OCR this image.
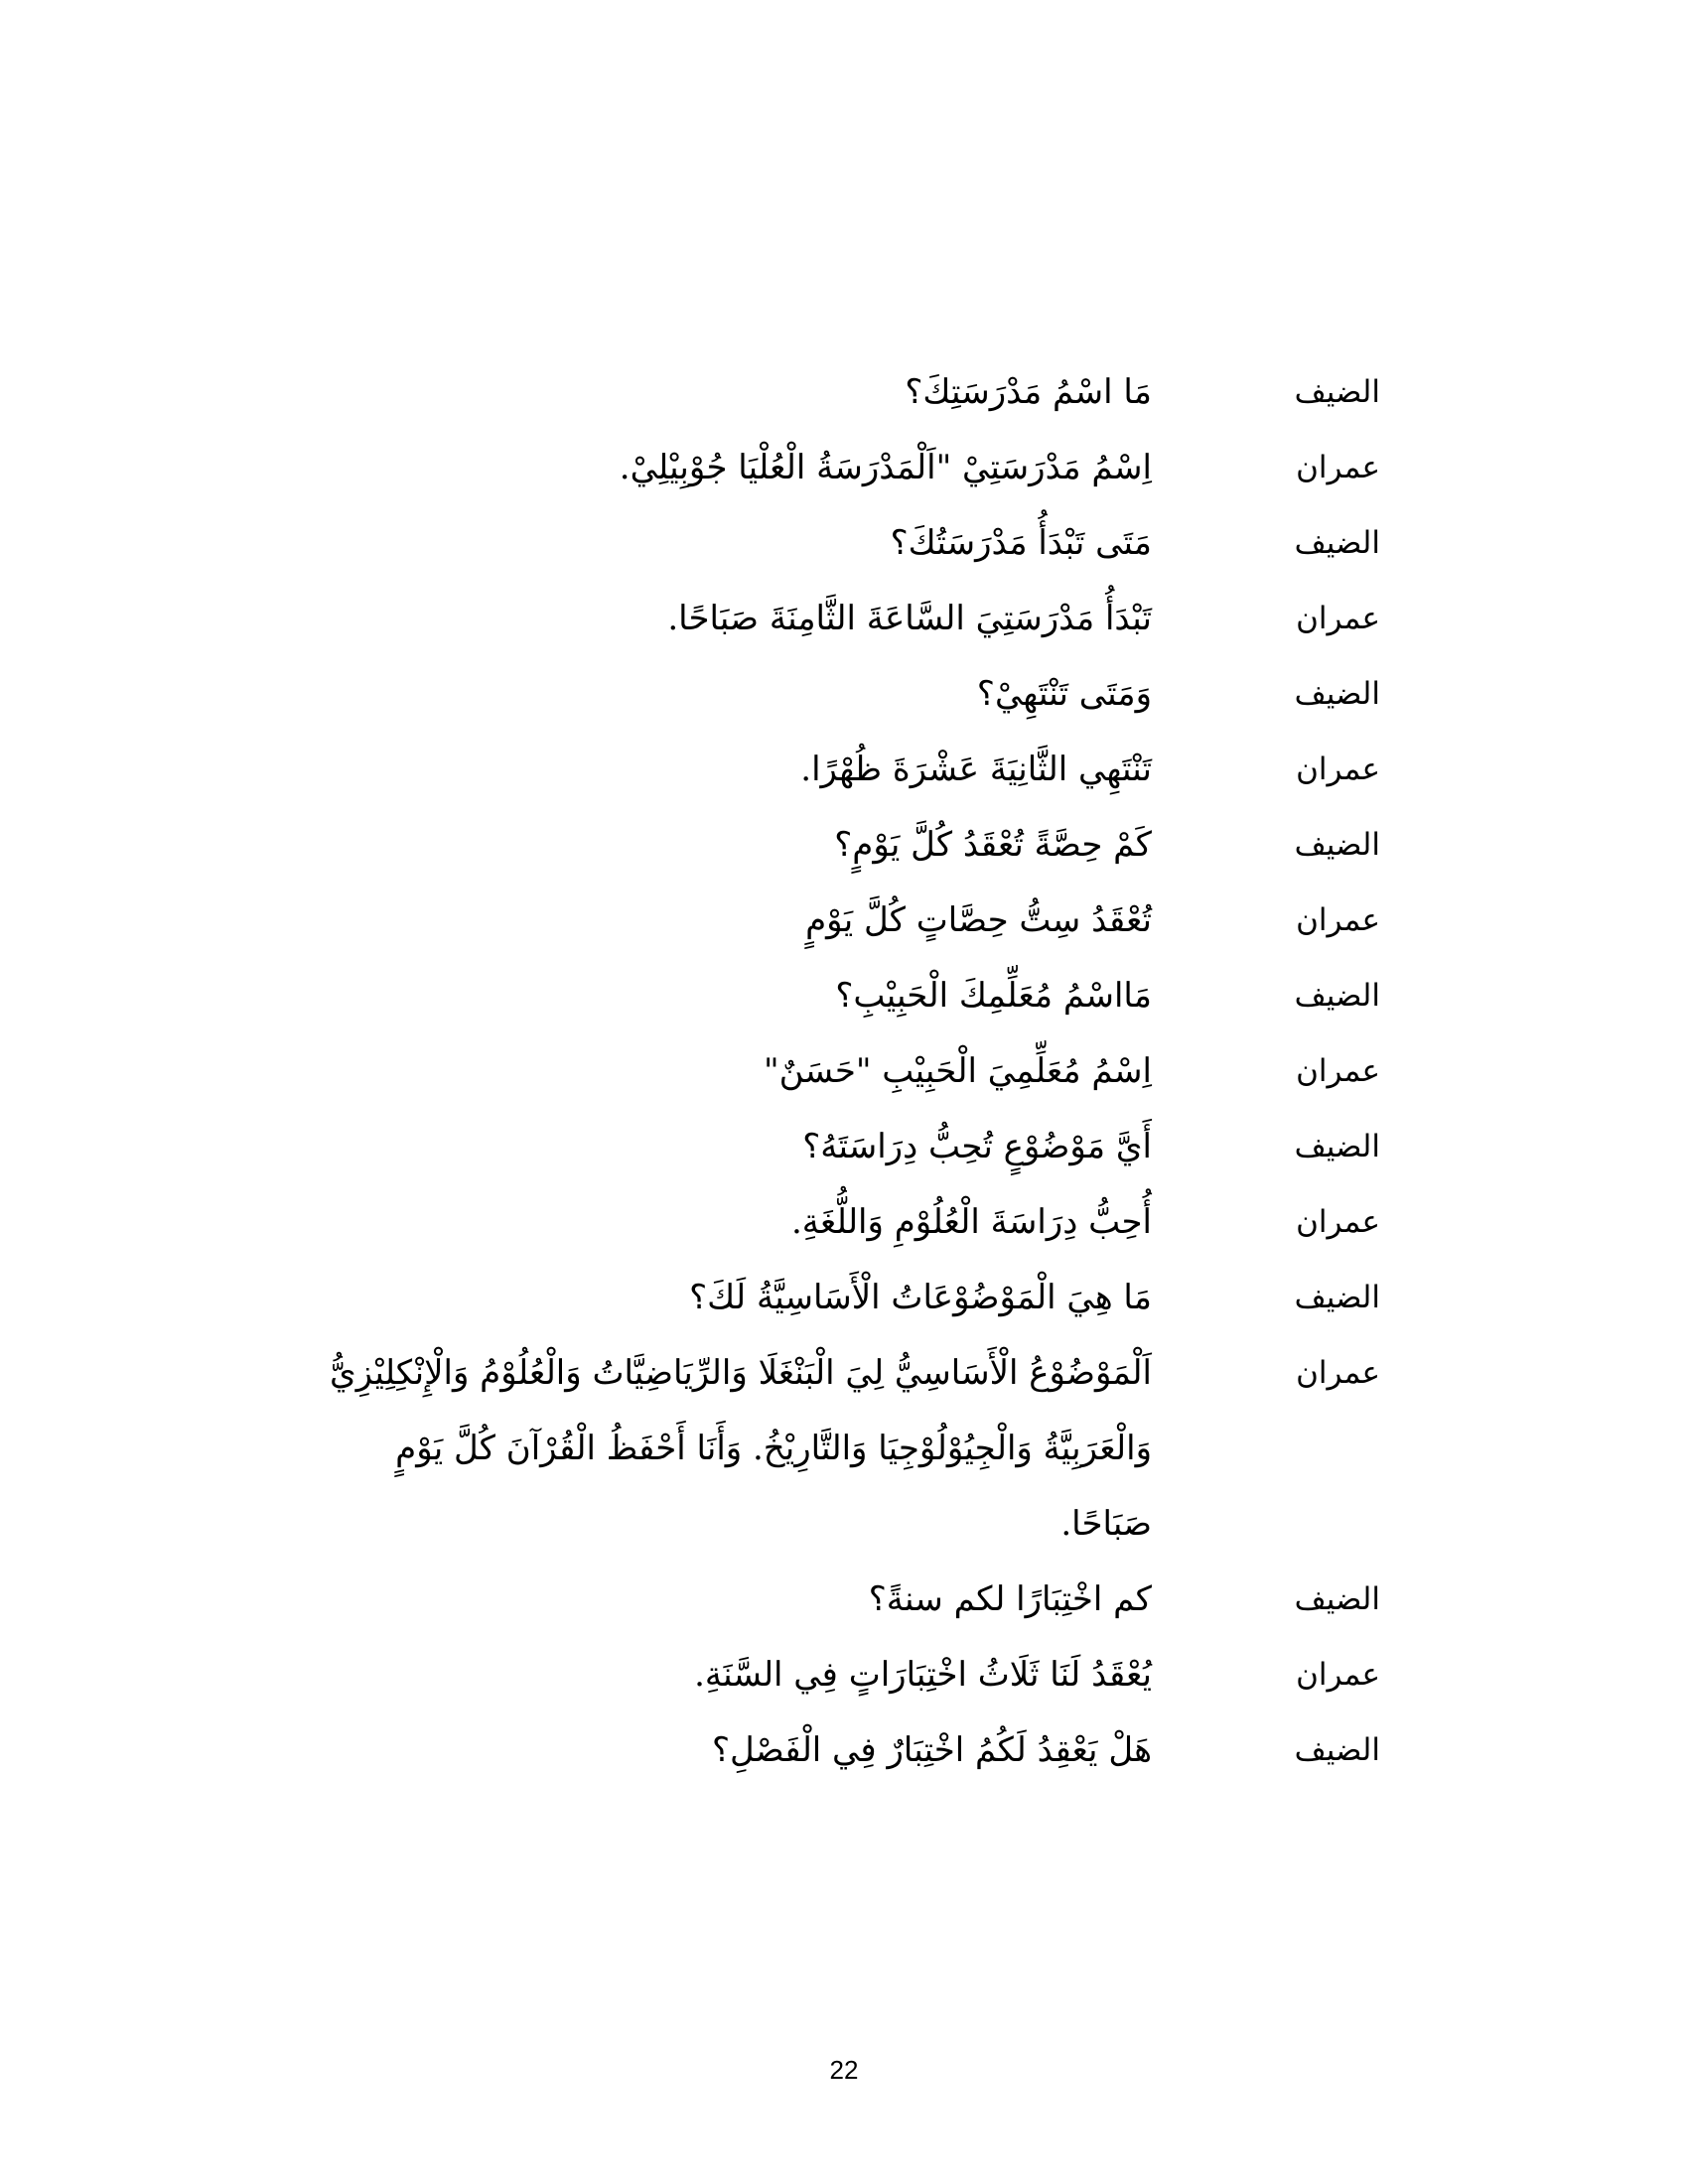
الضيف
مَا اسْمُ مَدْرَسَتِكَ؟
عمران
اِسْمُ مَدْرَسَتِيْ "اَلْمَدْرَسَةُ الْعُلْيَا جُوْبِيْلِيْ.
الضيف
مَتَى تَبْدَأُ مَدْرَسَتُكَ؟
عمران
تَبْدَأُ مَدْرَسَتِيَ السَّاعَةَ الثَّامِنَةَ صَبَاحًا.
الضيف
وَمَتَى تَنْتَهِيْ؟
عمران
تَنْتَهِي الثَّانِيَةَ عَشْرَةَ ظُهْرًا.
الضيف
كَمْ حِصَّةً تُعْقَدُ كُلَّ يَوْمٍ؟
عمران
تُعْقَدُ سِتُّ حِصَّاتٍ كُلَّ يَوْمٍ
الضيف
مَااسْمُ مُعَلِّمِكَ الْحَبِيْبِ؟
عمران
اِسْمُ مُعَلِّمِيَ الْحَبِيْبِ "حَسَنٌ"
الضيف
أَيَّ مَوْضُوْعٍ تُحِبُّ دِرَاسَتَهُ؟
عمران
أُحِبُّ دِرَاسَةَ الْعُلُوْمِ وَاللُّغَةِ.
الضيف
مَا هِيَ الْمَوْضُوْعَاتُ الْأَسَاسِيَّةُ لَكَ؟
عمران
اَلْمَوْضُوْعُ الْأَسَاسِيُّ لِيَ الْبَنْغَلَا وَالرِّيَاضِيَّاتُ وَالْعُلُوْمُ وَالْإِنْكِلِيْزِيُّ وَالْعَرَبِيَّةُ وَالْجِيُوْلُوْجِيَا وَالتَّارِيْخُ. وَأَنَا أَحْفَظُ الْقُرْآنَ كُلَّ يَوْمٍ صَبَاحًا.
الضيف
كم اخْتِبَارًا لكم سنةً؟
عمران
يُعْقَدُ لَنَا ثَلَاثُ اخْتِبَارَاتٍ فِي السَّنَةِ.
الضيف
هَلْ يَعْقِدُ لَكُمُ اخْتِبَارٌ فِي الْفَصْلِ؟
22
